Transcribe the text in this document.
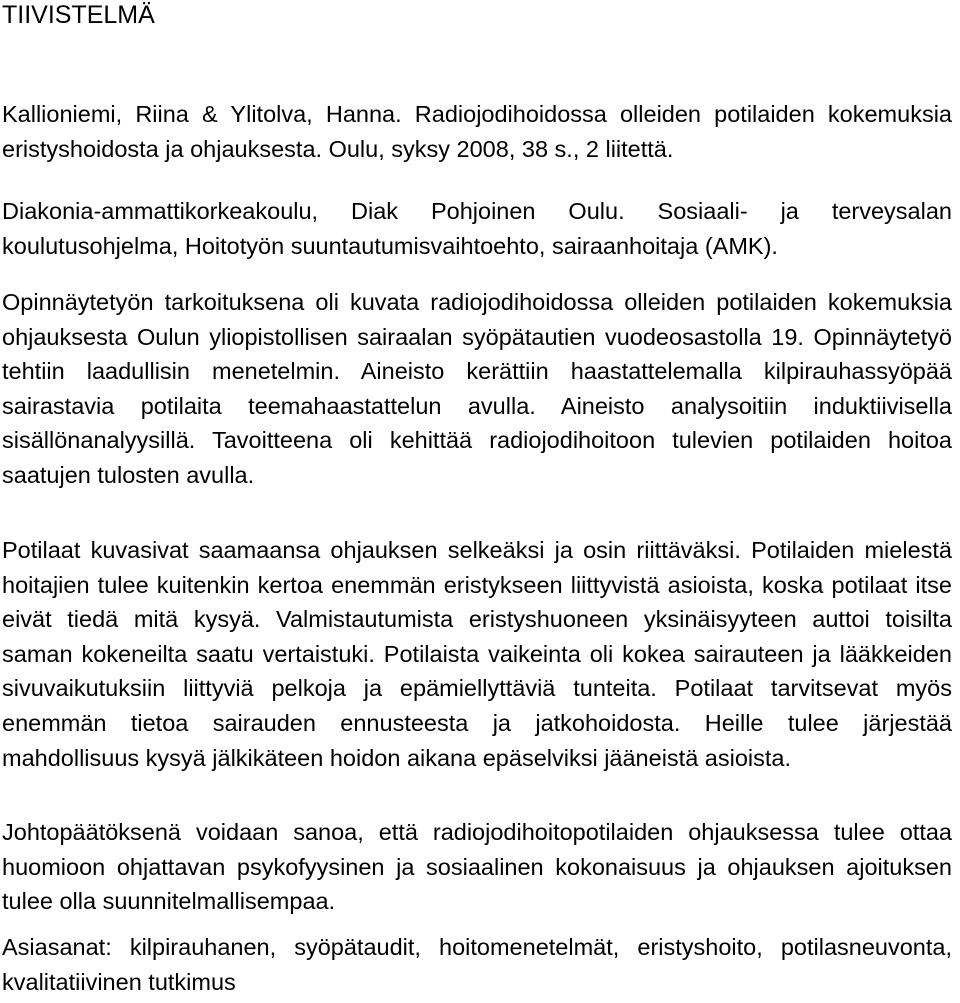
TIIVISTELMÄ

Kallioniemi, Riina & Ylitolva, Hanna. Radiojodihoidossa olleiden potilaiden kokemuksia eristyshoidosta ja ohjauksesta. Oulu, syksy 2008, 38 s., 2 liitettä.

Diakonia-ammattikorkeakoulu, Diak Pohjoinen Oulu. Sosiaali- ja terveysalan koulutusohjelma, Hoitotyön suuntautumisvaihtoehto, sairaanhoitaja (AMK).

Opinnäytetyön tarkoituksena oli kuvata radiojodihoidossa olleiden potilaiden kokemuksia ohjauksesta Oulun yliopistollisen sairaalan syöpätautien vuodeosastolla 19. Opinnäytetyö tehtiin laadullisin menetelmin. Aineisto kerättiin haastattelemalla kilpirauhassyöpää sairastavia potilaita teemahaastattelun avulla. Aineisto analysoitiin induktiivisella sisällönanalyysillä. Tavoitteena oli kehittää radiojodihoitoon tulevien potilaiden hoitoa saatujen tulosten avulla.

Potilaat kuvasivat saamaansa ohjauksen selkeäksi ja osin riittäväksi. Potilaiden mielestä hoitajien tulee kuitenkin kertoa enemmän eristykseen liittyvistä asioista, koska potilaat itse eivät tiedä mitä kysyä. Valmistautumista eristyshuoneen yksinäisyyteen auttoi toisilta saman kokeneilta saatu vertaistuki. Potilaista vaikeinta oli kokea sairauteen ja lääkkeiden sivuvaikutuksiin liittyviä pelkoja ja epämiellyttäviä tunteita. Potilaat tarvitsevat myös enemmän tietoa sairauden ennusteesta ja jatkohoidosta. Heille tulee järjestää mahdollisuus kysyä jälkikäteen hoidon aikana epäselviksi jääneistä asioista.

Johtopäätöksenä voidaan sanoa, että radiojodihoitopotilaiden ohjauksessa tulee ottaa huomioon ohjattavan psykofyysinen ja sosiaalinen kokonaisuus ja ohjauksen ajoituksen tulee olla suunnitelmallisempaa.

Asiasanat: kilpirauhanen, syöpätaudit, hoitomenetelmät, eristyshoito, potilasneuvonta, kvalitatiivinen tutkimus
